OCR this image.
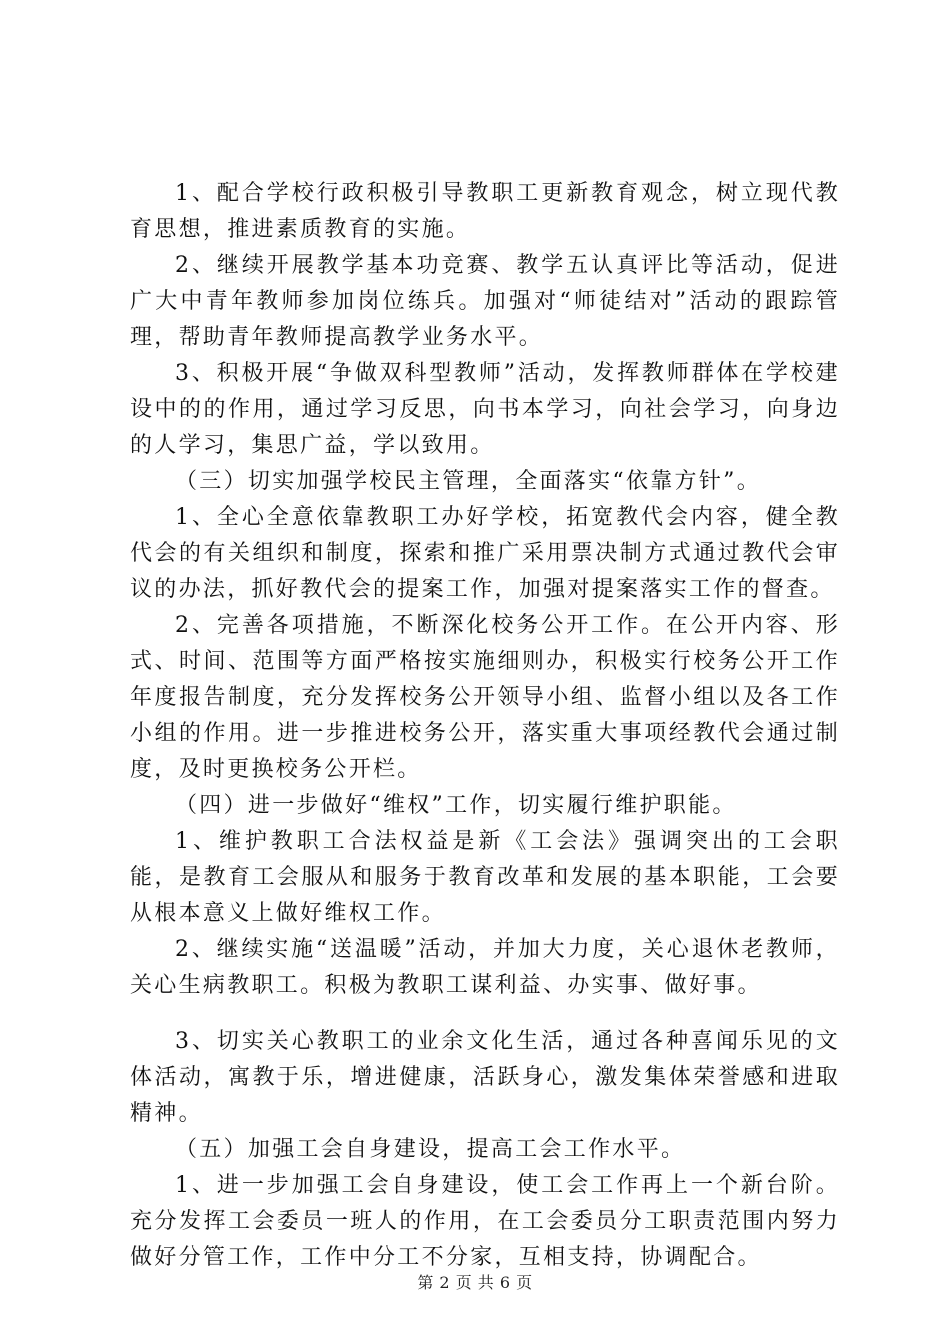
1、配合学校行政积极引导教职工更新教育观念，树立现代教育思想，推进素质教育的实施。

2、继续开展教学基本功竞赛、教学五认真评比等活动，促进广大中青年教师参加岗位练兵。加强对“师徒结对”活动的跟踪管理，帮助青年教师提高教学业务水平。

3、积极开展“争做双科型教师”活动，发挥教师群体在学校建设中的的作用，通过学习反思，向书本学习，向社会学习，向身边的人学习，集思广益，学以致用。

（三）切实加强学校民主管理，全面落实“依靠方针”。

1、全心全意依靠教职工办好学校，拓宽教代会内容，健全教代会的有关组织和制度，探索和推广采用票决制方式通过教代会审议的办法，抓好教代会的提案工作，加强对提案落实工作的督查。

2、完善各项措施，不断深化校务公开工作。在公开内容、形式、时间、范围等方面严格按实施细则办，积极实行校务公开工作年度报告制度，充分发挥校务公开领导小组、监督小组以及各工作小组的作用。进一步推进校务公开，落实重大事项经教代会通过制度，及时更换校务公开栏。

（四）进一步做好“维权”工作，切实履行维护职能。

1、维护教职工合法权益是新《工会法》强调突出的工会职能，是教育工会服从和服务于教育改革和发展的基本职能，工会要从根本意义上做好维权工作。

2、继续实施“送温暖”活动，并加大力度，关心退休老教师，关心生病教职工。积极为教职工谋利益、办实事、做好事。

3、切实关心教职工的业余文化生活，通过各种喜闻乐见的文体活动，寓教于乐，增进健康，活跃身心，激发集体荣誉感和进取精神。

（五）加强工会自身建设，提高工会工作水平。

1、进一步加强工会自身建设，使工会工作再上一个新台阶。充分发挥工会委员一班人的作用，在工会委员分工职责范围内努力做好分管工作，工作中分工不分家，互相支持，协调配合。

第 2 页 共 6 页
